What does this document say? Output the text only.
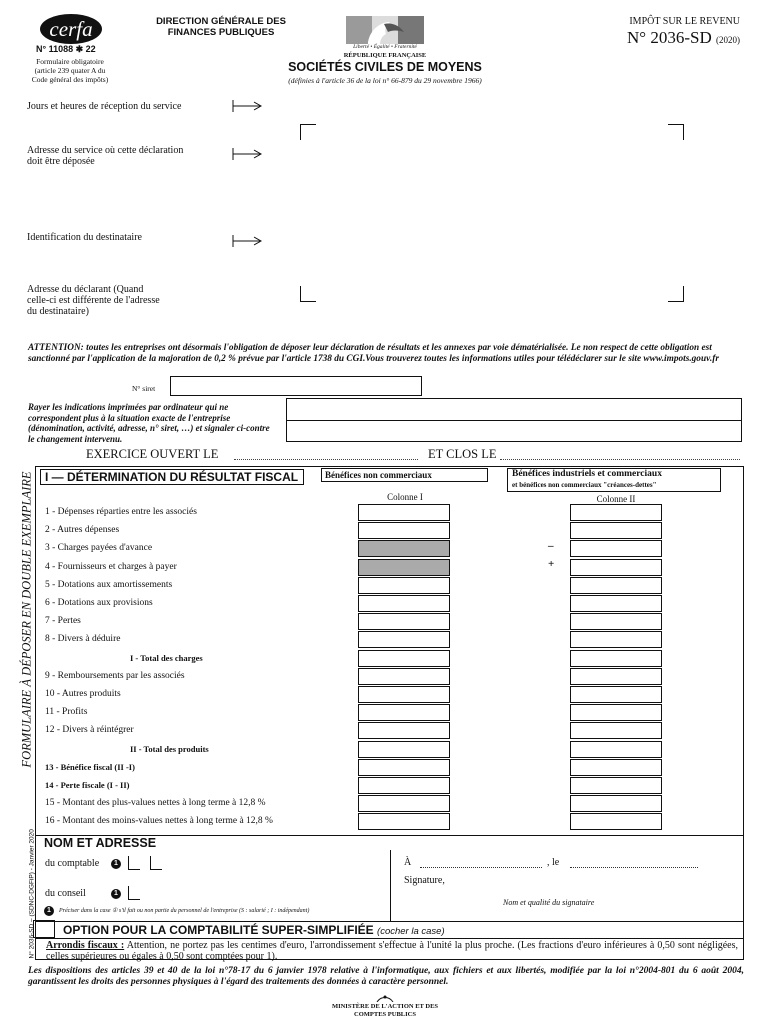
cerfa
N° 11088 ✱ 22
Formulaire obligatoire (article 239 quater A du Code général des impôts)
DIRECTION GÉNÉRALE DES FINANCES PUBLIQUES
Liberté • Égalité • Fraternité
RÉPUBLIQUE FRANÇAISE
SOCIÉTÉS CIVILES DE MOYENS
(définies à l'article 36 de la loi n° 66-879 du 29 novembre 1966)
IMPÔT SUR LE REVENU
N° 2036-SD (2020)
Jours et heures de réception du service
Adresse du service où cette déclaration doit être déposée
Identification du destinataire
Adresse du déclarant (Quand celle-ci est différente de l'adresse du destinataire)
ATTENTION: toutes les entreprises ont désormais l'obligation de déposer leur déclaration de résultats et les annexes par voie dématérialisée. Le non respect de cette obligation est sanctionné par l'application de la majoration de 0,2 % prévue par l'article 1738 du CGI.Vous trouverez toutes les informations utiles pour télédéclarer sur le site www.impots.gouv.fr
N° siret
Rayer les indications imprimées par ordinateur qui ne correspondent plus à la situation exacte de l'entreprise (dénomination, activité, adresse, n° siret, …) et signaler ci-contre le changement intervenu.
EXERCICE OUVERT LE	ET CLOS LE
FORMULAIRE À DÉPOSER EN DOUBLE EXEMPLAIRE
N° 2036-SD – (SDNC-DGFiP) - Janvier 2020
I — DÉTERMINATION DU RÉSULTAT FISCAL	Bénéfices non commerciaux	Bénéfices industriels et commerciaux
et bénéfices non commerciaux "créances-dettes"
Colonne I	Colonne II
1 - Dépenses réparties entre les associés
2 - Autres dépenses
3 - Charges payées d'avance
4 - Fournisseurs et charges à payer
5 - Dotations aux amortissements
6 - Dotations aux provisions
7 - Pertes
8 - Divers à déduire
I - Total des charges
9 - Remboursements par les associés
10 - Autres produits
11 - Profits
12 - Divers à réintégrer
II - Total des produits
13 - Bénéfice fiscal (II -I)
14 - Perte fiscale (I - II)
15 - Montant des plus-values nettes à long terme à 12,8 %
16 - Montant des moins-values nettes à long terme à 12,8 %
–
+
NOM ET ADRESSE
du comptable	1
du conseil	1
À	, le
Signature,
Nom et qualité du signataire
Préciser dans la case ① s'il fait ou non partie du personnel de l'entreprise (S : salarié ; I : indépendant)
1
OPTION POUR LA COMPTABILITÉ SUPER-SIMPLIFIÉE (cocher la case)
Arrondis fiscaux : Attention, ne portez pas les centimes d'euro, l'arrondissement s'effectue à l'unité la plus proche. (Les fractions d'euro inférieures à 0,50 sont négligées, celles supérieures ou égales à 0,50 sont comptées pour 1).
Les dispositions des articles 39 et 40 de la loi n°78-17 du 6 janvier 1978 relative à l'informatique, aux fichiers et aux libertés, modifiée par la loi n°2004-801 du 6 août 2004, garantissent les droits des personnes physiques à l'égard des traitements des données à caractère personnel.
MINISTÈRE DE L'ACTION ET DES COMPTES PUBLICS
